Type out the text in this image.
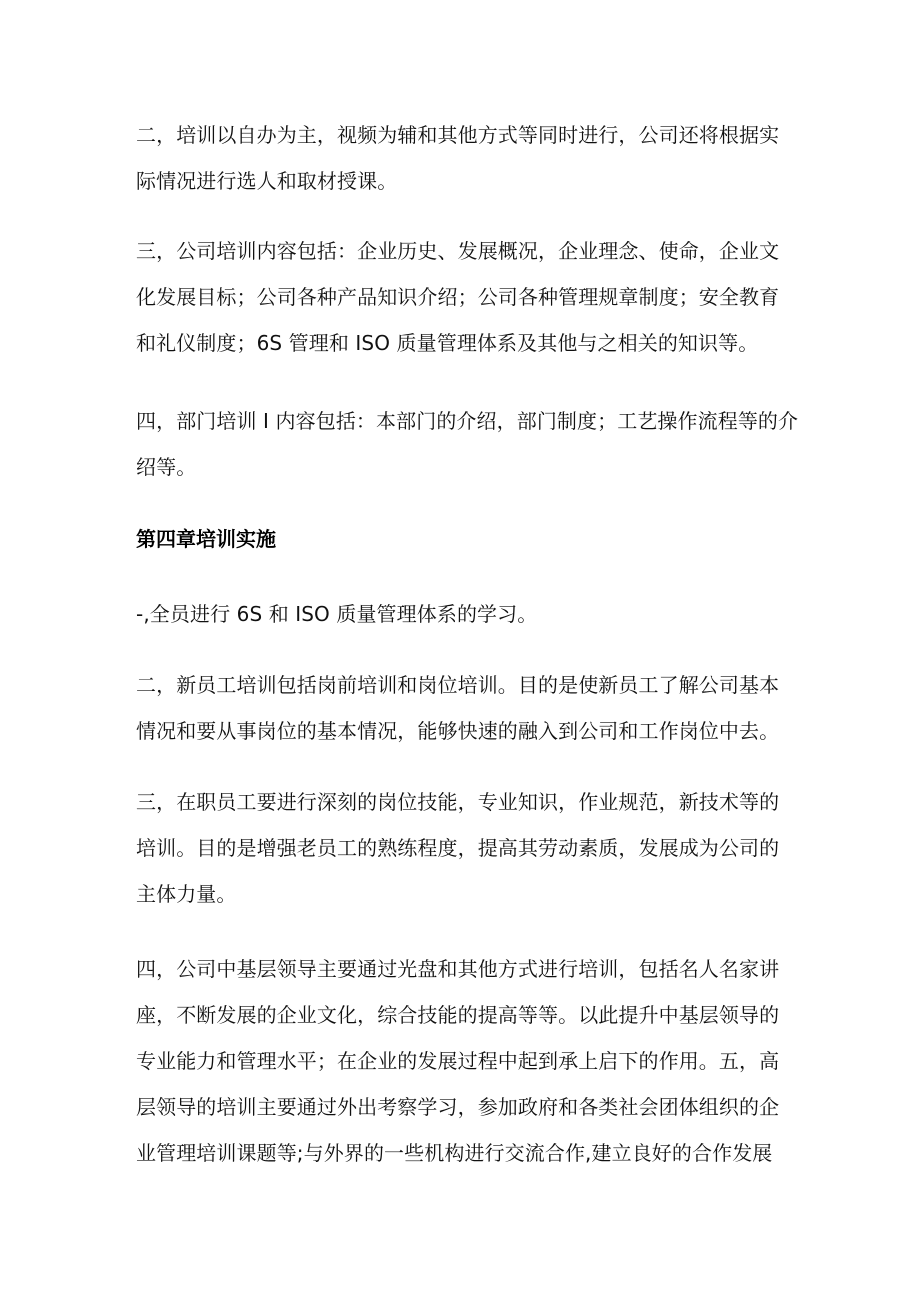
二，培训以自办为主，视频为辅和其他方式等同时进行，公司还将根据实
际情况进行选人和取材授课。

三，公司培训内容包括：企业历史、发展概况，企业理念、使命，企业文
化发展目标；公司各种产品知识介绍；公司各种管理规章制度；安全教育
和礼仪制度；6S 管理和 ISO 质量管理体系及其他与之相关的知识等。

四，部门培训 I 内容包括：本部门的介绍，部门制度；工艺操作流程等的介
绍等。

第四章培训实施

-,全员进行 6S 和 ISO 质量管理体系的学习。

二，新员工培训包括岗前培训和岗位培训。目的是使新员工了解公司基本
情况和要从事岗位的基本情况，能够快速的融入到公司和工作岗位中去。

三，在职员工要进行深刻的岗位技能，专业知识，作业规范，新技术等的
培训。目的是增强老员工的熟练程度，提高其劳动素质，发展成为公司的
主体力量。

四，公司中基层领导主要通过光盘和其他方式进行培训，包括名人名家讲
座，不断发展的企业文化，综合技能的提高等等。以此提升中基层领导的
专业能力和管理水平；在企业的发展过程中起到承上启下的作用。五，高
层领导的培训主要通过外出考察学习，参加政府和各类社会团体组织的企
业管理培训课题等;与外界的一些机构进行交流合作,建立良好的合作发展
